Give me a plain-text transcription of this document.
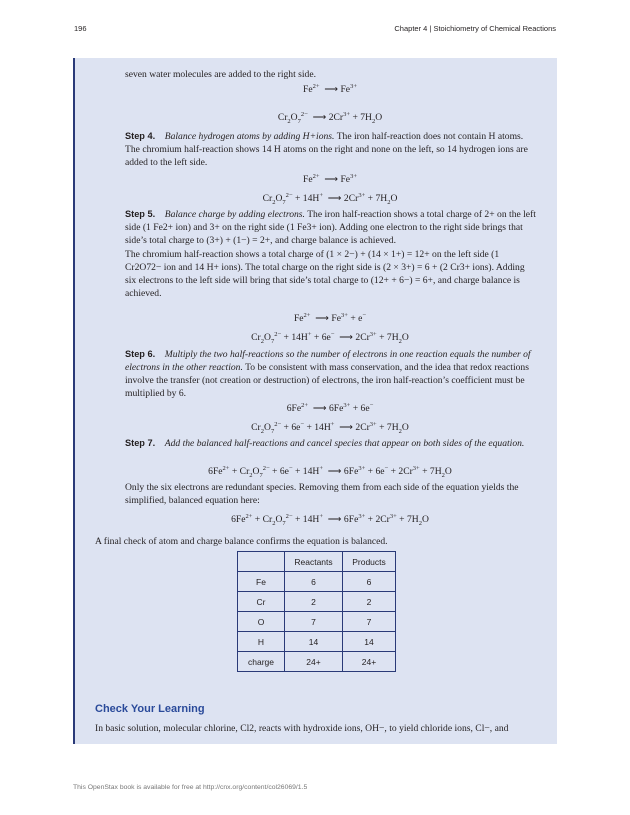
196	Chapter 4 | Stoichiometry of Chemical Reactions
seven water molecules are added to the right side.
$Fe^{2+}$  ⟶ $Fe^{3+}$
$Cr_2O_7^{2-}$  ⟶ $2Cr^{3+} + 7H_2O$
Step 4. Balance hydrogen atoms by adding H+ions. The iron half-reaction does not contain H atoms. The chromium half-reaction shows 14 H atoms on the right and none on the left, so 14 hydrogen ions are added to the left side.
$Fe^{2+}$  ⟶ $Fe^{3+}$
$Cr_2O_7^{2-} + 14H^+$  ⟶ $2Cr^{3+} + 7H_2O$
Step 5. Balance charge by adding electrons. The iron half-reaction shows a total charge of 2+ on the left side (1 Fe2+ ion) and 3+ on the right side (1 Fe3+ ion). Adding one electron to the right side brings that side’s total charge to (3+) + (1−) = 2+, and charge balance is achieved.
The chromium half-reaction shows a total charge of (1 × 2−) + (14 × 1+) = 12+ on the left side (1 Cr2O72− ion and 14 H+ ions). The total charge on the right side is (2 × 3+) = 6 + (2 Cr3+ ions). Adding six electrons to the left side will bring that side’s total charge to (12+ + 6−) = 6+, and charge balance is achieved.
$Fe^{2+}$  ⟶ $Fe^{3+} + e^-$
$Cr_2O_7^{2-} + 14H^+ + 6e^-$  ⟶ $2Cr^{3+} + 7H_2O$
Step 6. Multiply the two half-reactions so the number of electrons in one reaction equals the number of electrons in the other reaction. To be consistent with mass conservation, and the idea that redox reactions involve the transfer (not creation or destruction) of electrons, the iron half-reaction’s coefficient must be multiplied by 6.
$6Fe^{2+}$  ⟶ $6Fe^{3+} + 6e^-$
$Cr_2O_7^{2-} + 6e^- + 14H^+$  ⟶ $2Cr^{3+} + 7H_2O$
Step 7. Add the balanced half-reactions and cancel species that appear on both sides of the equation.
$6Fe^{2+} + Cr_2O_7^{2-} + 6e^- + 14H^+$  ⟶ $6Fe^{3+} + 6e^- + 2Cr^{3+} + 7H_2O$
Only the six electrons are redundant species. Removing them from each side of the equation yields the simplified, balanced equation here:
$6Fe^{2+} + Cr_2O_7^{2-} + 14H^+$  ⟶ $6Fe^{3+} + 2Cr^{3+} + 7H_2O$
A final check of atom and charge balance confirms the equation is balanced.
	Reactants	Products
Fe	6	6
Cr	2	2
O	7	7
H	14	14
charge	24+	24+
Check Your Learning
In basic solution, molecular chlorine, Cl2, reacts with hydroxide ions, OH−, to yield chloride ions, Cl−, and
This OpenStax book is available for free at http://cnx.org/content/col26069/1.5
